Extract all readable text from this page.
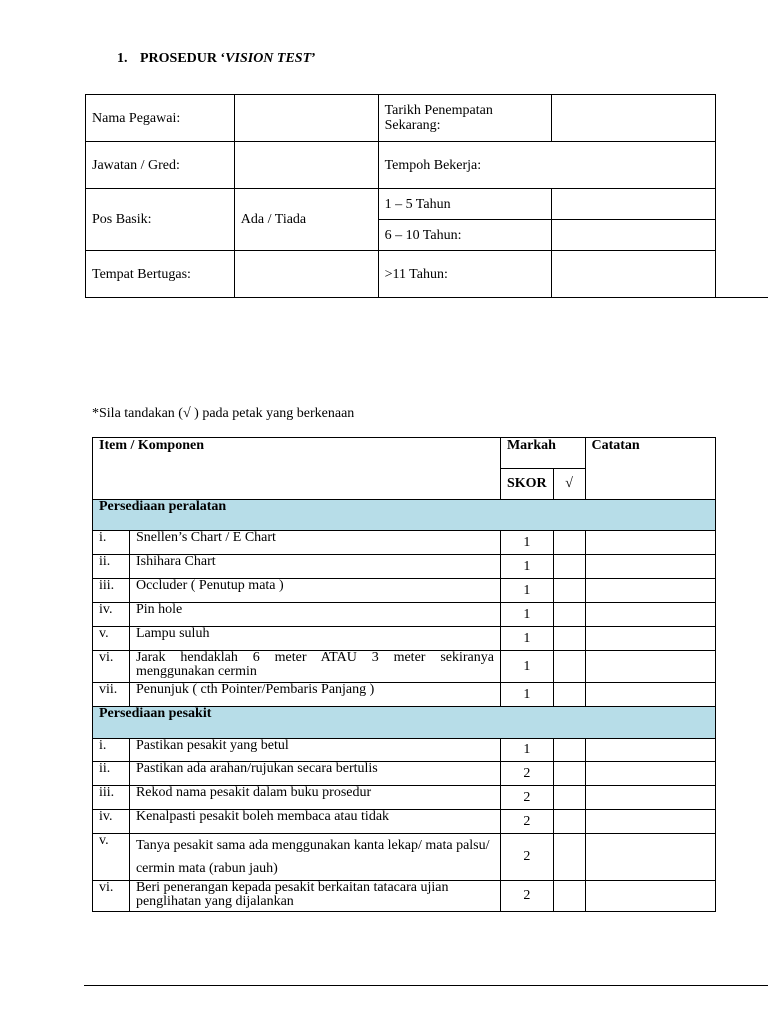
1. PROSEDUR ‘VISION TEST’
Nama Pegawai:		Tarikh Penempatan Sekarang:	
Jawatan / Gred:		Tempoh Bekerja:	
Pos Basik:	Ada / Tiada	1 – 5 Tahun	
		6 – 10 Tahun:	
Tempat Bertugas:		>11 Tahun:	
*Sila tandakan (√ ) pada petak yang berkenaan
Item / Komponen		Markah		Catatan
		SKOR	√	
Persediaan peralatan				
i.	Snellen’s Chart / E Chart	1		
ii.	Ishihara Chart	1		
iii.	Occluder ( Penutup mata )	1		
iv.	Pin hole	1		
v.	Lampu suluh	1		
vi.	Jarak hendaklah 6 meter ATAU 3 meter sekiranya menggunakan cermin	1		
vii.	Penunjuk ( cth Pointer/Pembaris Panjang )	1		
Persediaan pesakit				
i.	Pastikan pesakit yang betul	1		
ii.	Pastikan ada arahan/rujukan secara bertulis	2		
iii.	Rekod nama pesakit dalam buku prosedur	2		
iv.	Kenalpasti pesakit boleh membaca atau tidak	2		
v.	Tanya pesakit sama ada menggunakan kanta lekap/ mata palsu/ cermin mata (rabun jauh)	2		
vi.	Beri penerangan kepada pesakit berkaitan tatacara ujian penglihatan yang dijalankan	2		
